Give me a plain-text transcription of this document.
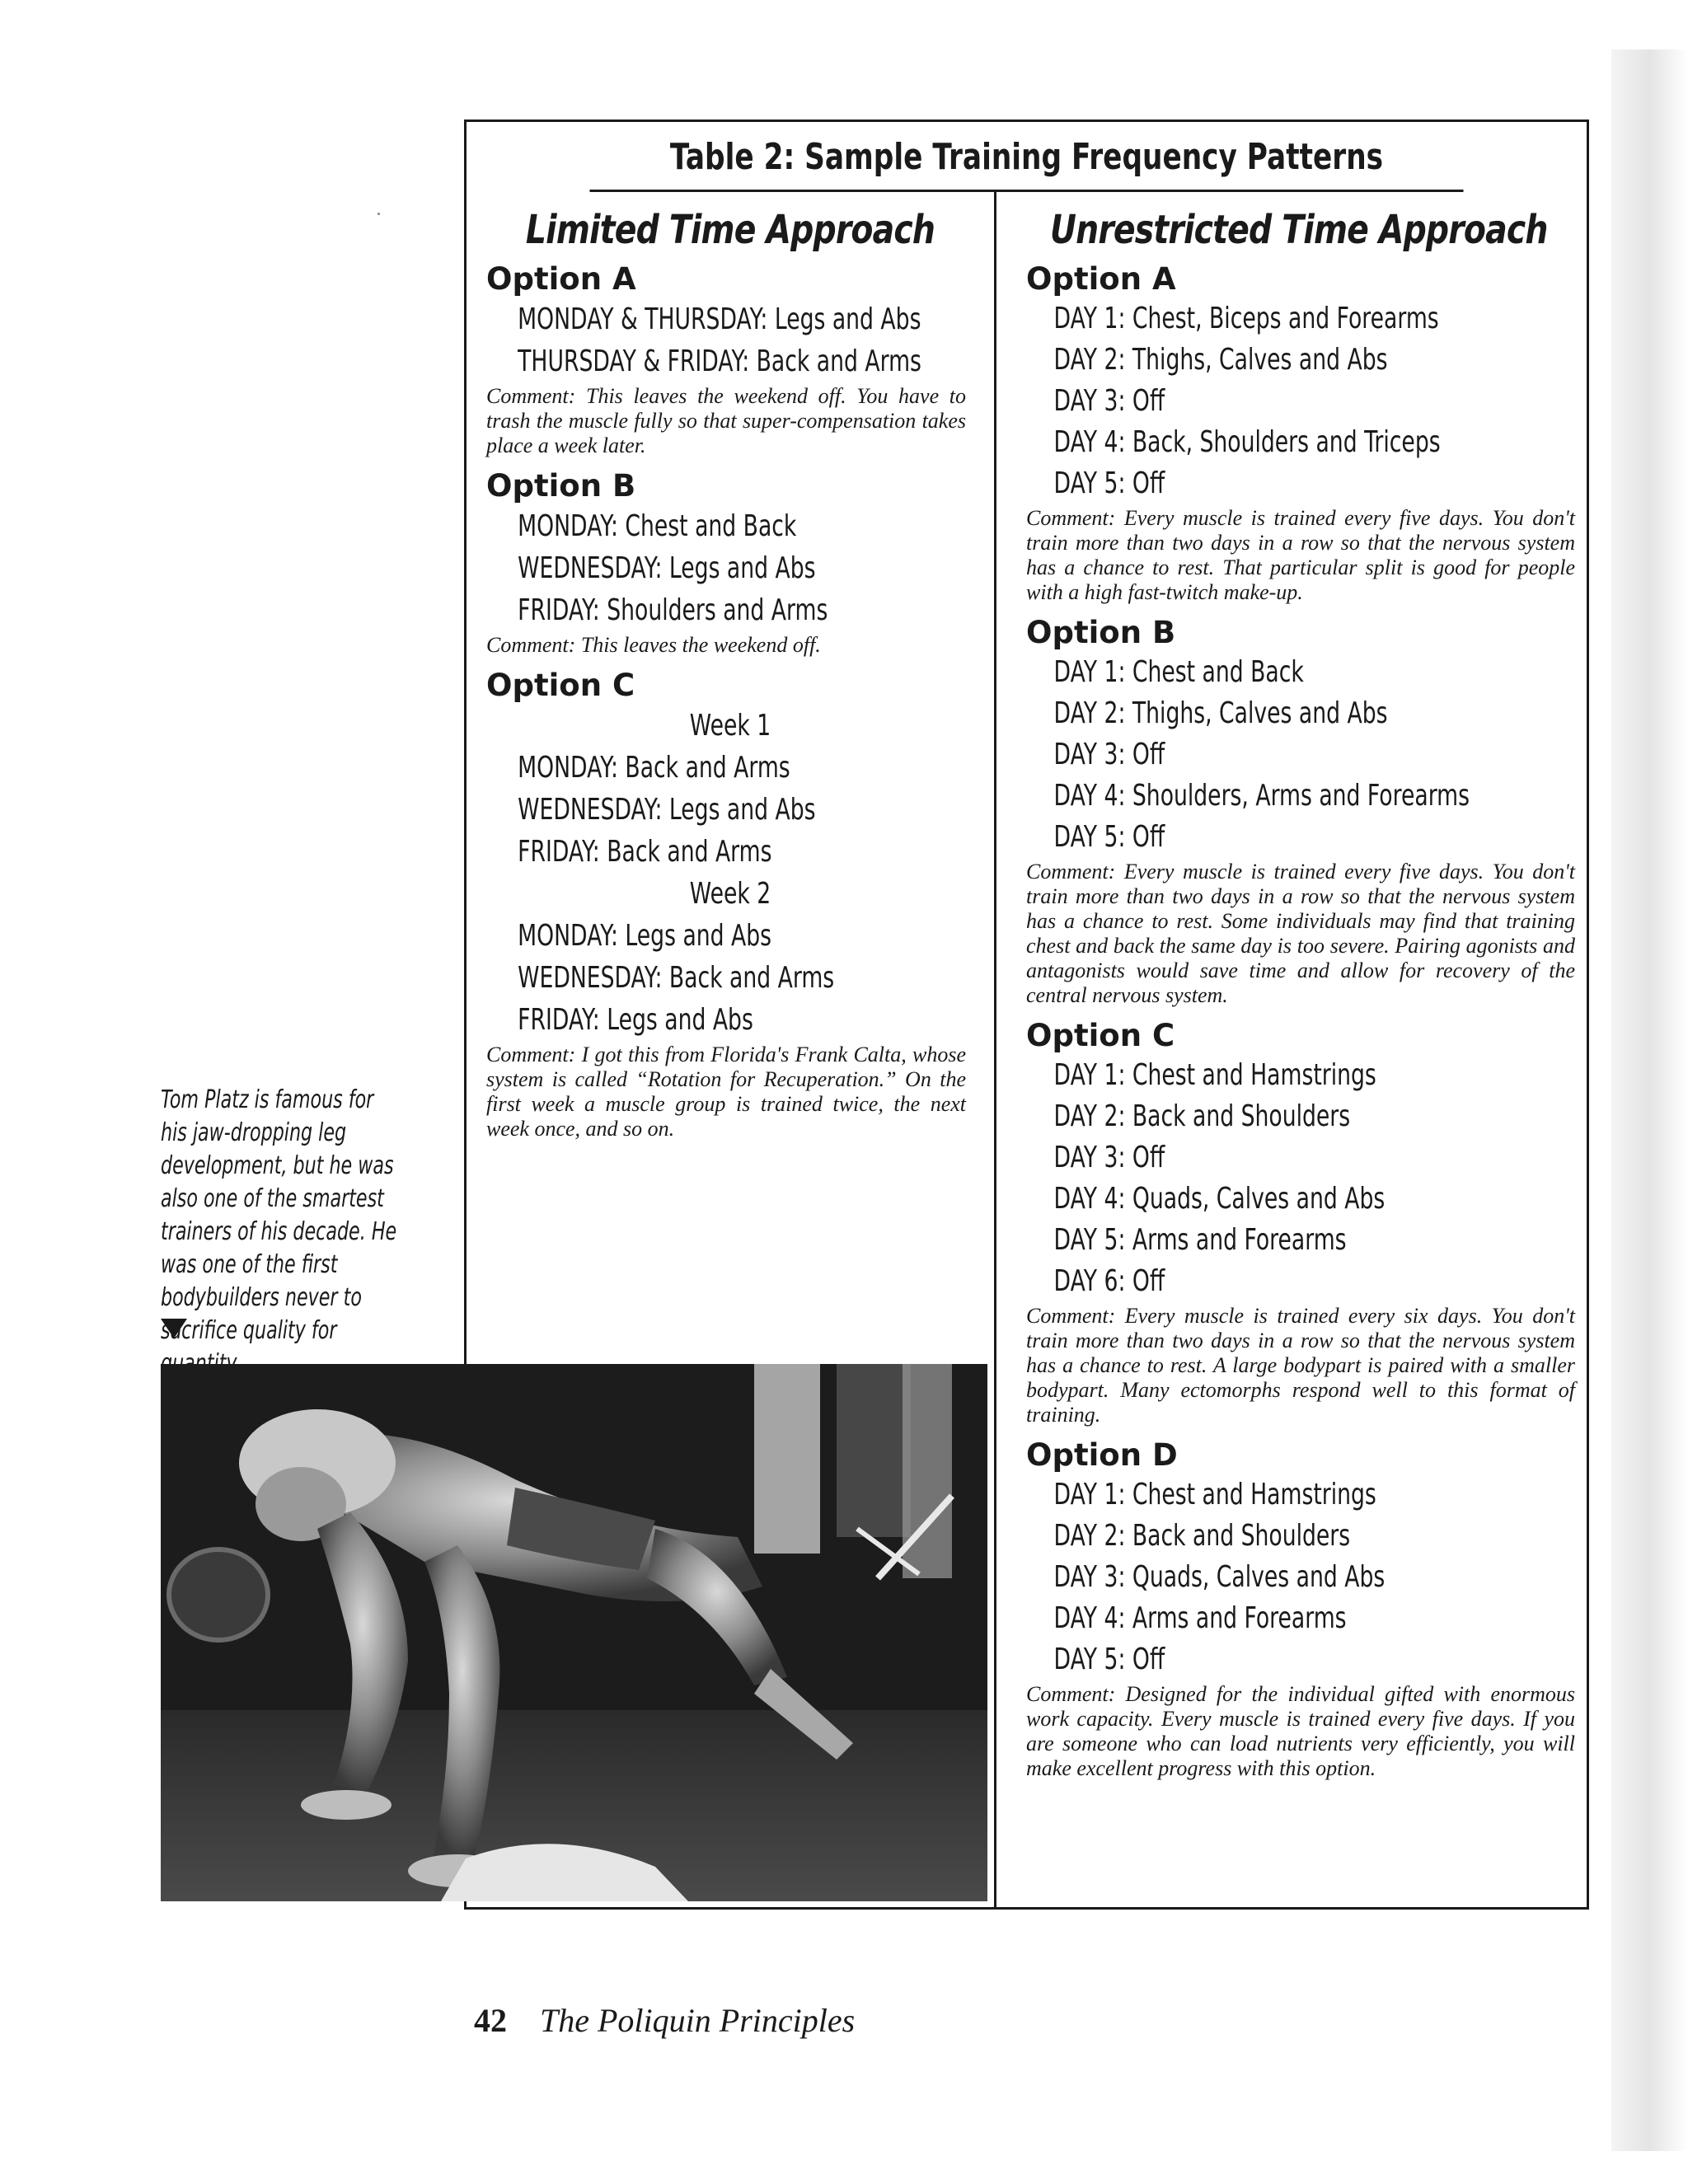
Table 2: Sample Training Frequency Patterns
Limited Time Approach
Option A
MONDAY & THURSDAY: Legs and Abs
THURSDAY & FRIDAY: Back and Arms
Comment: This leaves the weekend off. You have to trash the muscle fully so that super-compensation takes place a week later.
Option B
MONDAY: Chest and Back
WEDNESDAY: Legs and Abs
FRIDAY: Shoulders and Arms
Comment: This leaves the weekend off.
Option C
Week 1
MONDAY: Back and Arms
WEDNESDAY: Legs and Abs
FRIDAY: Back and Arms
Week 2
MONDAY: Legs and Abs
WEDNESDAY: Back and Arms
FRIDAY: Legs and Abs
Comment: I got this from Florida's Frank Calta, whose system is called “Rotation for Recuperation.” On the first week a muscle group is trained twice, the next week once, and so on.
Unrestricted Time Approach
Option A
DAY 1: Chest, Biceps and Forearms
DAY 2: Thighs, Calves and Abs
DAY 3: Off
DAY 4: Back, Shoulders and Triceps
DAY 5: Off
Comment: Every muscle is trained every five days. You don't train more than two days in a row so that the nervous system has a chance to rest. That particular split is good for people with a high fast-twitch make-up.
Option B
DAY 1: Chest and Back
DAY 2: Thighs, Calves and Abs
DAY 3: Off
DAY 4: Shoulders, Arms and Forearms
DAY 5: Off
Comment: Every muscle is trained every five days. You don't train more than two days in a row so that the nervous system has a chance to rest. Some individuals may find that training chest and back the same day is too severe. Pairing agonists and antagonists would save time and allow for recovery of the central nervous system.
Option C
DAY 1: Chest and Hamstrings
DAY 2: Back and Shoulders
DAY 3: Off
DAY 4: Quads, Calves and Abs
DAY 5: Arms and Forearms
DAY 6: Off
Comment: Every muscle is trained every six days. You don't train more than two days in a row so that the nervous system has a chance to rest. A large bodypart is paired with a smaller bodypart. Many ectomorphs respond well to this format of training.
Option D
DAY 1: Chest and Hamstrings
DAY 2: Back and Shoulders
DAY 3: Quads, Calves and Abs
DAY 4: Arms and Forearms
DAY 5: Off
Comment: Designed for the individual gifted with enormous work capacity. Every muscle is trained every five days. If you are someone who can load nutrients very efficiently, you will make excellent progress with this option.
Tom Platz is famous for his jaw-dropping leg development, but he was also one of the smartest trainers of his decade. He was one of the first bodybuilders never to sacrifice quality for
42 The Poliquin Principles
